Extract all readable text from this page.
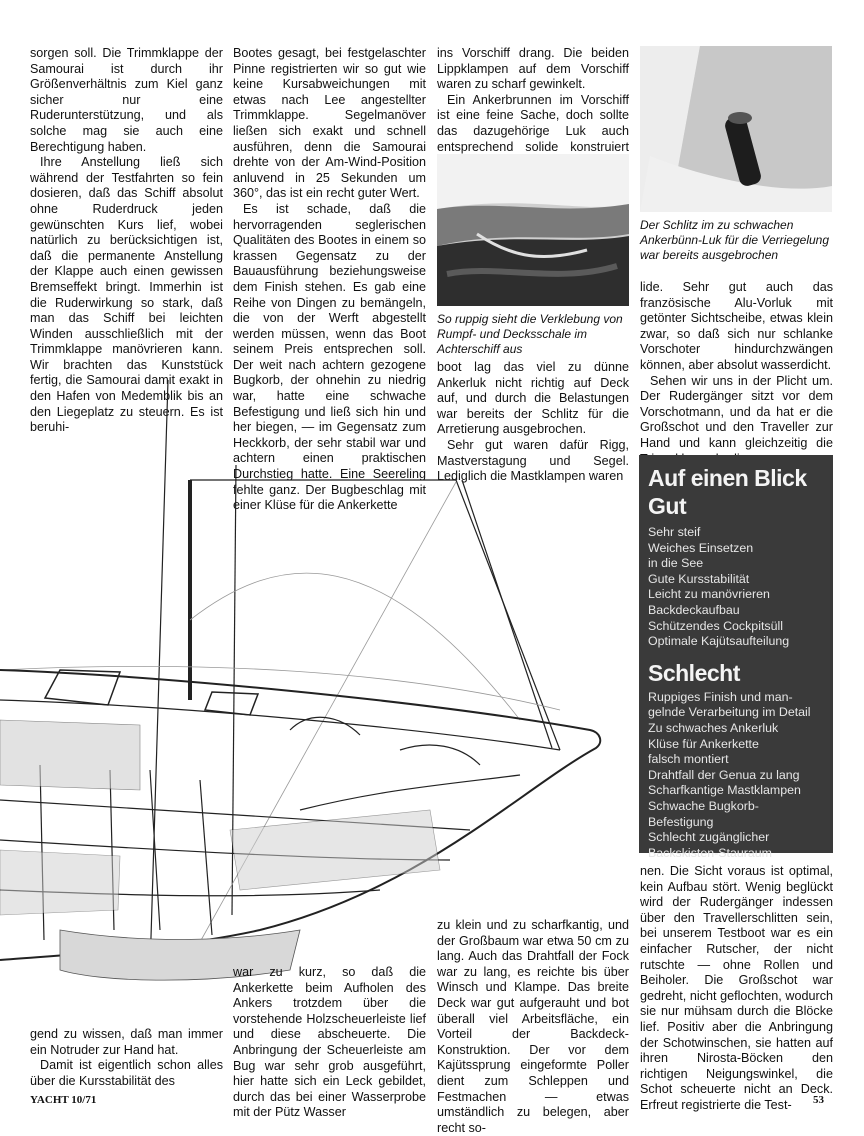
sorgen soll. Die Trimmklappe der Samourai ist durch ihr Größenverhältnis zum Kiel ganz sicher nur eine Ruderunterstützung, und als solche mag sie auch eine Berechtigung haben.

Ihre Anstellung ließ sich während der Testfahrten so fein dosieren, daß das Schiff absolut ohne Ruderdruck jeden gewünschten Kurs lief, wobei natürlich zu berücksichtigen ist, daß die permanente Anstellung der Klappe auch einen gewissen Bremseffekt bringt. Immerhin ist die Ruderwirkung so stark, daß man das Schiff bei leichten Winden ausschließlich mit der Trimmklappe manövrieren kann. Wir brachten das Kunststück fertig, die Samourai damit exakt in den Hafen von Medemblik bis an den Liegeplatz zu steuern. Es ist beruhi-

Bootes gesagt, bei festgelaschter Pinne registrierten wir so gut wie keine Kursabweichungen mit etwas nach Lee angestellter Trimmklappe. Segelmanöver ließen sich exakt und schnell ausführen, denn die Samourai drehte von der Am-Wind-Position anluvend in 25 Sekunden um 360°, das ist ein recht guter Wert.

Es ist schade, daß die hervorragenden seglerischen Qualitäten des Bootes in einem so krassen Gegensatz zu der Bauausführung beziehungsweise dem Finish stehen. Es gab eine Reihe von Dingen zu bemängeln, die von der Werft abgestellt werden müssen, wenn das Boot seinem Preis entsprechen soll. Der weit nach achtern gezogene Bugkorb, der ohnehin zu niedrig war, hatte eine schwache Befestigung und ließ sich hin und her biegen, — im Gegensatz zum Heckkorb, der sehr stabil war und achtern einen praktischen Durchstieg hatte. Eine Seereling fehlte ganz. Der Bugbeschlag mit einer Klüse für die Ankerkette

ins Vorschiff drang. Die beiden Lippklampen auf dem Vorschiff waren zu scharf gewinkelt.

Ein Ankerbrunnen im Vorschiff ist eine feine Sache, doch sollte das dazugehörige Luk auch entsprechend solide konstruiert

So ruppig sieht die Verklebung von Rumpf- und Decksschale im Achterschiff aus

boot lag das viel zu dünne Ankerluk nicht richtig auf Deck auf, und durch die Belastungen war bereits der Schlitz für die Arretierung ausgebrochen.

Sehr gut waren dafür Rigg, Mastverstagung und Segel. Lediglich die Mastklampen waren

Der Schlitz im zu schwachen Ankerbünn-Luk für die Verriegelung war bereits ausgebrochen

lide. Sehr gut auch das französische Alu-Vorluk mit getönter Sichtscheibe, etwas klein zwar, so daß sich nur schlanke Vorschoter hindurchzwängen können, aber absolut wasserdicht.

Sehen wir uns in der Plicht um. Der Rudergänger sitzt vor dem Vorschotmann, und da hat er die Großschot und den Traveller zur Hand und kann gleichzeitig die

Auf einen Blick
Gut
Sehr steif
Weiches Einsetzen
in die See
Gute Kursstabilität
Leicht zu manövrieren
Backdeckaufbau
Schützendes Cockpitsüll
Optimale Kajütsaufteilung
Schlecht
Ruppiges Finish und man-
gelnde Verarbeitung im Detail
Zu schwaches Ankerluk
Klüse für Ankerkette
falsch montiert
Drahtfall der Genua zu lang
Scharfkantige Mastklampen
Schwache Bugkorb-
Befestigung
Schlecht zugänglicher
Backskisten-Stauraum

gend zu wissen, daß man immer ein Notruder zur Hand hat.

Damit ist eigentlich schon alles über die Kursstabilität des

war zu kurz, so daß die Ankerkette beim Aufholen des Ankers trotzdem über die vorstehende Holzscheuerleiste lief und diese abscheuerte. Die Anbringung der Scheuerleiste am Bug war sehr grob ausgeführt, hier hatte sich ein Leck gebildet, durch das bei einer Wasserprobe mit der Pütz Wasser

zu klein und zu scharfkantig, und der Großbaum war etwa 50 cm zu lang. Auch das Drahtfall der Fock war zu lang, es reichte bis über Winsch und Klampe. Das breite Deck war gut aufgerauht und bot überall viel Arbeitsfläche, ein Vorteil der Backdeck-Konstruktion. Der vor dem Kajütssprung eingeformte Poller dient zum Schleppen und Festmachen — etwas umständlich zu belegen, aber recht so-

nen. Die Sicht voraus ist optimal, kein Aufbau stört. Wenig beglückt wird der Rudergänger indessen über den Travellerschlitten sein, bei unserem Testboot war es ein einfacher Rutscher, der nicht rutschte — ohne Rollen und Beiholer. Die Großschot war gedreht, nicht geflochten, wodurch sie nur mühsam durch die Blöcke lief. Positiv aber die Anbringung der Schotwinschen, sie hatten auf ihren Nirosta-Böcken den richtigen Neigungswinkel, die Schot scheuerte nicht an Deck. Erfreut registrierte die Test-

YACHT 10/71	53
